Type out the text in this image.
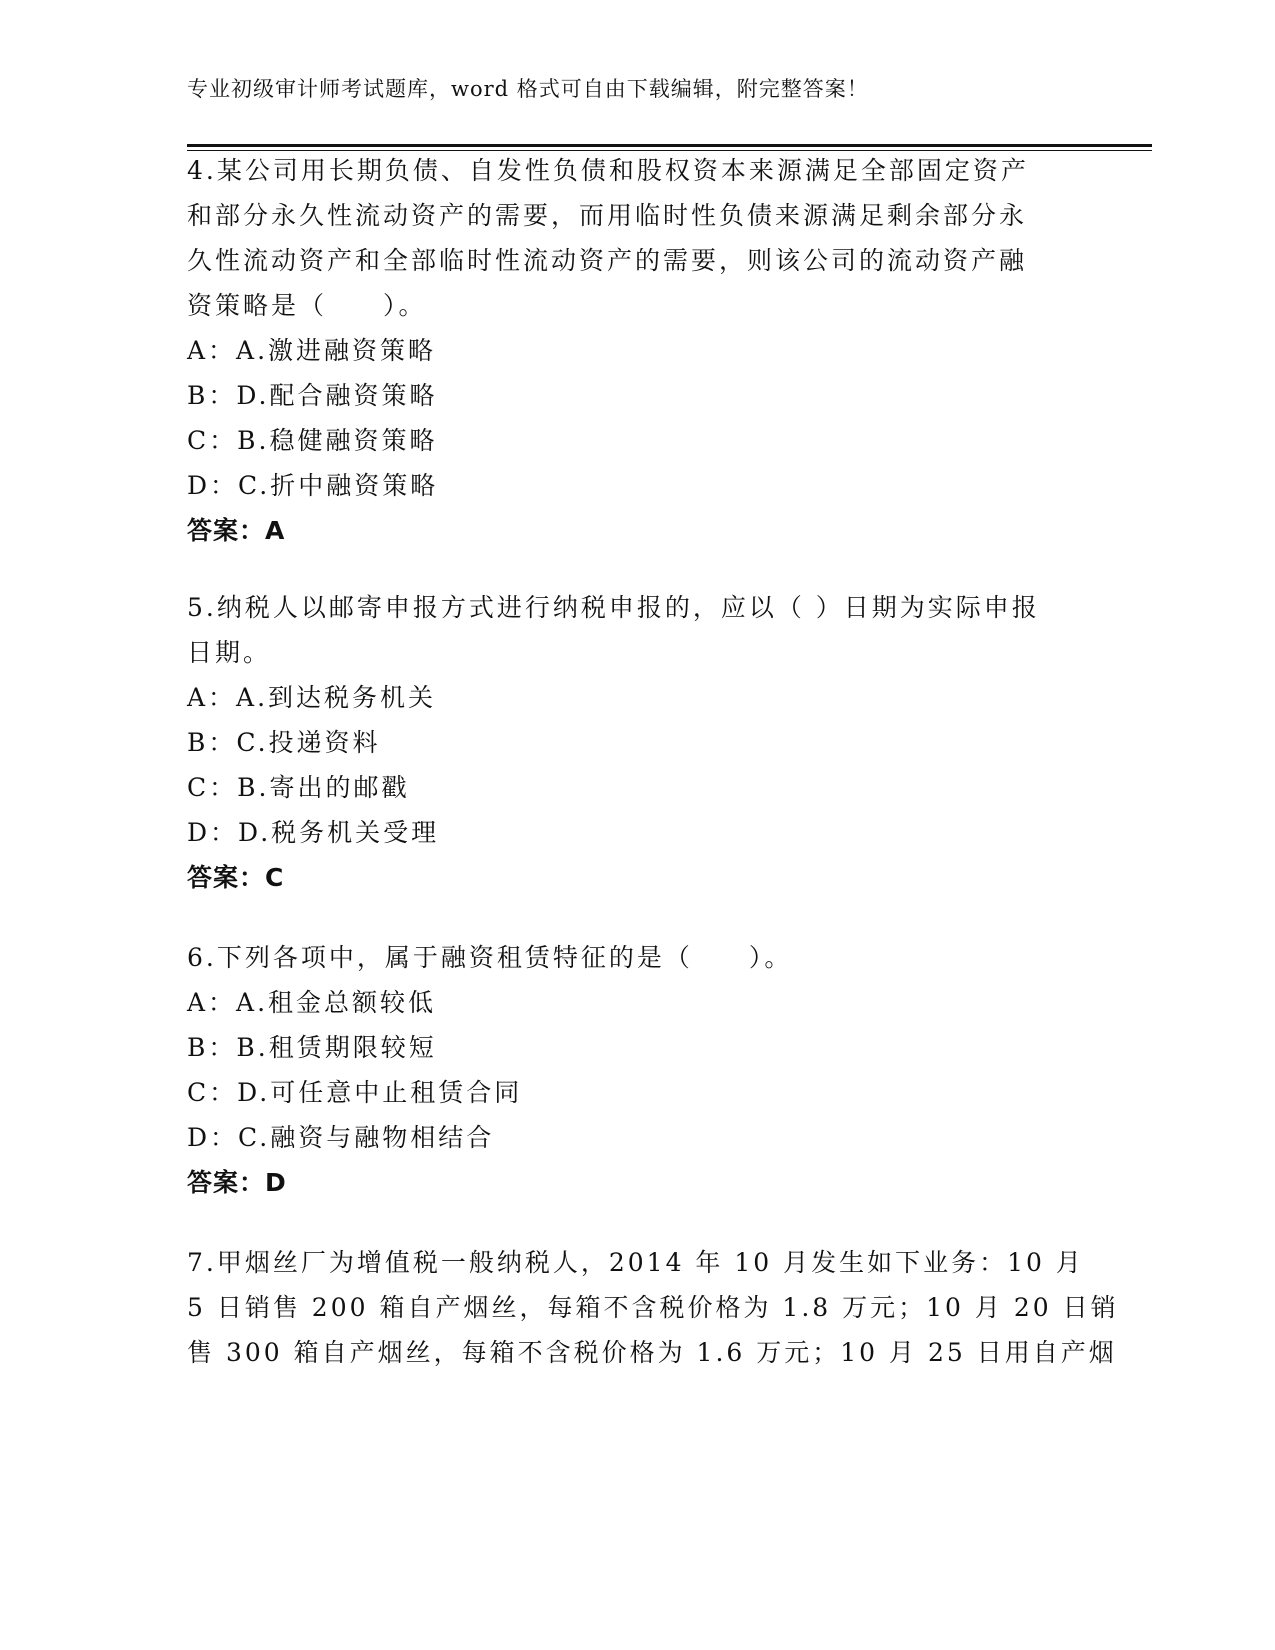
专业初级审计师考试题库，word 格式可自由下载编辑，附完整答案！
4.某公司用长期负债、自发性负债和股权资本来源满足全部固定资产
和部分永久性流动资产的需要，而用临时性负债来源满足剩余部分永
久性流动资产和全部临时性流动资产的需要，则该公司的流动资产融
资策略是（　　）。
A：A.激进融资策略
B：D.配合融资策略
C：B.稳健融资策略
D：C.折中融资策略
答案：A
5.纳税人以邮寄申报方式进行纳税申报的，应以（ ）日期为实际申报
日期。
A：A.到达税务机关
B：C.投递资料
C：B.寄出的邮戳
D：D.税务机关受理
答案：C
6.下列各项中，属于融资租赁特征的是（　　）。
A：A.租金总额较低
B：B.租赁期限较短
C：D.可任意中止租赁合同
D：C.融资与融物相结合
答案：D
7.甲烟丝厂为增值税一般纳税人，2014 年 10 月发生如下业务：10 月
5 日销售 200 箱自产烟丝，每箱不含税价格为 1.8 万元；10 月 20 日销
售 300 箱自产烟丝，每箱不含税价格为 1.6 万元；10 月 25 日用自产烟
